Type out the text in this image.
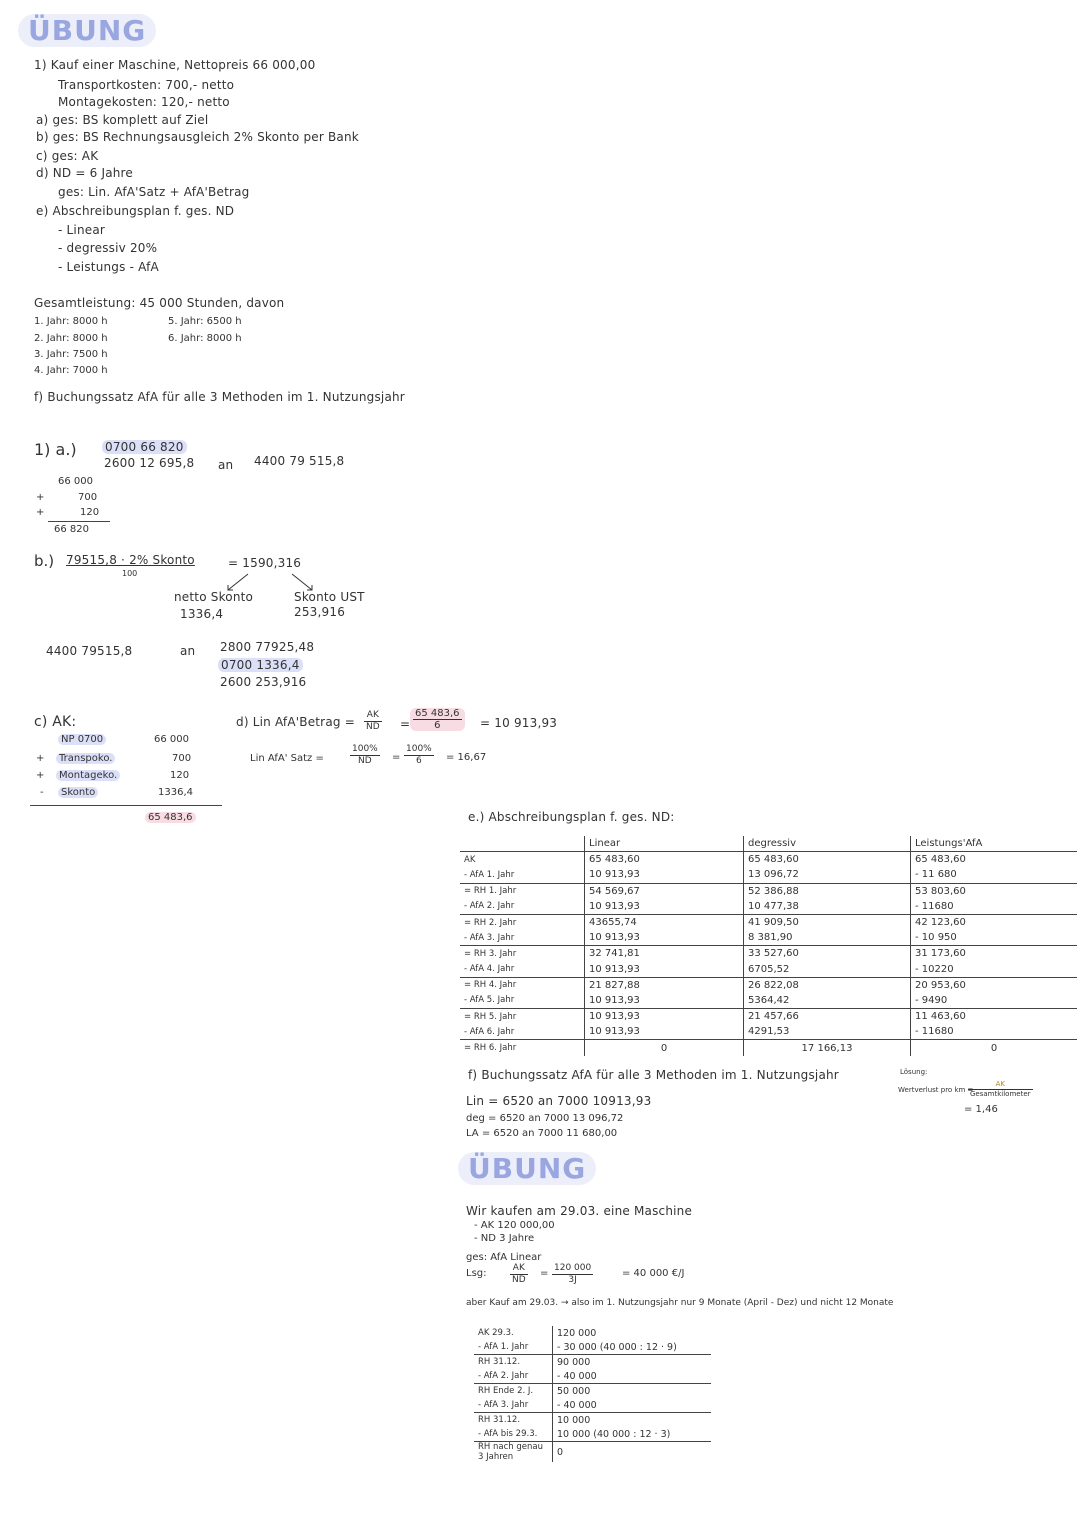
ÜBUNG
1) Kauf einer Maschine, Nettopreis 66 000,00
Transportkosten: 700,- netto
Montagekosten: 120,- netto
a) ges: BS komplett auf Ziel
b) ges: BS Rechnungsausgleich 2% Skonto per Bank
c) ges: AK
d) ND = 6 Jahre
ges: Lin. AfA'Satz + AfA'Betrag
e) Abschreibungsplan f. ges. ND
- Linear
- degressiv 20%
- Leistungs - AfA
Gesamtleistung: 45 000 Stunden, davon
1. Jahr: 8000 h
2. Jahr: 8000 h
3. Jahr: 7500 h
4. Jahr: 7000 h
5. Jahr: 6500 h
6. Jahr: 8000 h
f) Buchungssatz AfA für alle 3 Methoden im 1. Nutzungsjahr
1) a.) 0700 66 820
2600 12 695,8 an 4400 79 515,8
66 000
+	700
+	120
66 820
b.) 79515,8 · 2% Skonto
100
= 1590,316
netto Skonto
1336,4
Skonto UST
253,916
4400 79515,8	an 2800 77925,48
0700 1336,4
2600 253,916
c) AK:
NP 0700	66 000
+	Transpoko.	700
+	Montageko.	120
-	Skonto	1336,4
65 483,6
d) Lin AfA'Betrag = $\frac{AK}{ND} = \frac{65 483,6}{6} = 10$ 913,93
Lin AfA' Satz =	$\frac{100\%}{ND} = \frac{100\%}{6} = 16,67$
e.) Abschreibungsplan f. ges. ND:
	Linear	degressiv	Leistungs'AfA
AK	65 483,60	65 483,60	65 483,60
- AfA 1. Jahr	10 913,93	13 096,72	- 11 680
= RH 1. Jahr	54 569,67	52 386,88	53 803,60
- AfA 2. Jahr	10 913,93	10 477,38	- 11680
= RH 2. Jahr	43655,74	41 909,50	42 123,60
- AfA 3. Jahr	10 913,93	8 381,90	- 10 950
= RH 3. Jahr	32 741,81	33 527,60	31 173,60
- AfA 4. Jahr	10 913,93	6705,52	- 10220
= RH 4. Jahr	21 827,88	26 822,08	20 953,60
- AfA 5. Jahr	10 913,93	5364,42	- 9490
= RH 5. Jahr	10 913,93	21 457,66	11 463,60
- AfA 6. Jahr	10 913,93	4291,53	- 11680
= RH 6. Jahr	0	17 166,13	0
f) Buchungssatz AfA für alle 3 Methoden im 1. Nutzungsjahr
Lin = 6520 an 7000 10913,93
deg = 6520 an 7000 13 096,72
LA = 6520 an 7000 11 680,00
Lösung:
Wertverlust pro km =
AK
Gesamtkilometer
= 1,46
ÜBUNG
Wir kaufen am 29.03. eine Maschine
- AK 120 000,00
- ND 3 Jahre
ges: AfA Linear
Lsg:	$\frac{AK}{ND} = \frac{120 000}{3J}$	= 40 000 €/J
aber Kauf am 29.03. → also im 1. Nutzungsjahr nur 9 Monate (April - Dez) und nicht 12 Monate
AK 29.3.	120 000
- AfA 1. Jahr	- 30 000 (40 000 : 12 · 9)
RH 31.12.	90 000
- AfA 2. Jahr	- 40 000
RH Ende 2. J.	50 000
- AfA 3. Jahr	- 40 000
RH 31.12.	10 000
- AfA bis 29.3.	10 000 (40 000 : 12 · 3)
RH nach genau 3 Jahren	0
